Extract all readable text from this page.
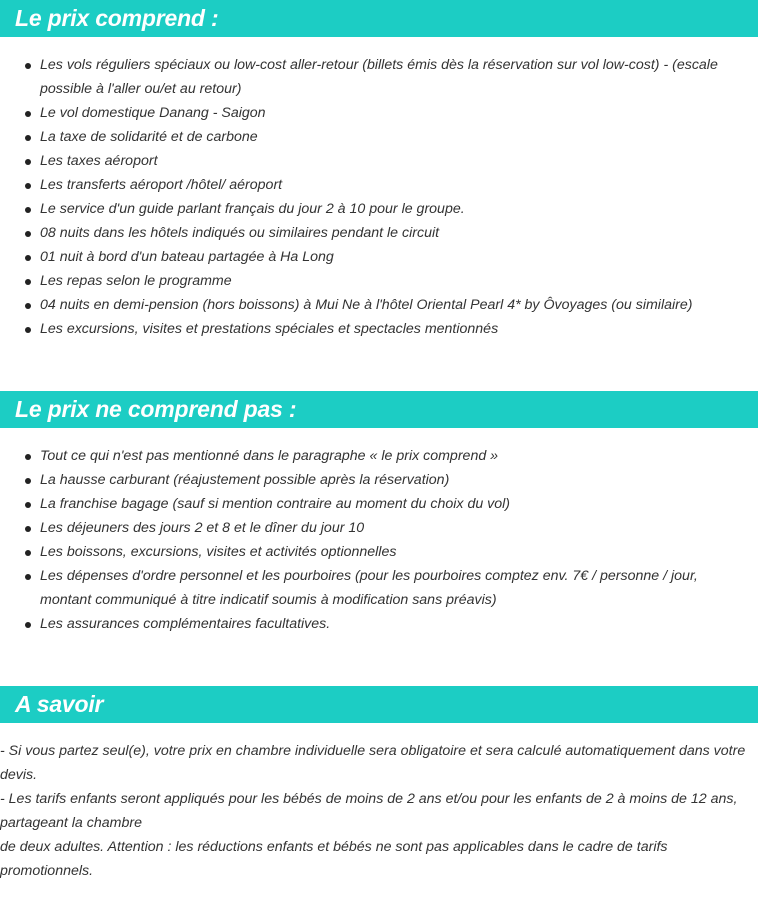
Le prix comprend :
Les vols réguliers spéciaux ou low-cost aller-retour (billets émis dès la réservation sur vol low-cost) - (escale possible à l'aller ou/et au retour)
Le vol domestique Danang - Saigon
La taxe de solidarité et de carbone
Les taxes aéroport
Les transferts aéroport /hôtel/ aéroport
Le service d'un guide parlant français du jour 2 à 10 pour le groupe.
08 nuits dans les hôtels indiqués ou similaires pendant le circuit
01 nuit à bord d'un bateau partagée à Ha Long
Les repas selon le programme
04 nuits en demi-pension (hors boissons) à Mui Ne à l'hôtel Oriental Pearl 4* by Ôvoyages (ou similaire)
Les excursions, visites et prestations spéciales et spectacles mentionnés
Le prix ne comprend pas :
Tout ce qui n'est pas mentionné dans le paragraphe « le prix comprend »
La hausse carburant (réajustement possible après la réservation)
La franchise bagage (sauf si mention contraire au moment du choix du vol)
Les déjeuners des jours 2 et 8 et le dîner du jour 10
Les boissons, excursions, visites et activités optionnelles
Les dépenses d'ordre personnel et les pourboires (pour les pourboires comptez env. 7€ / personne / jour, montant communiqué à titre indicatif soumis à modification sans préavis)
Les assurances complémentaires facultatives.
A savoir

- Si vous partez seul(e), votre prix en chambre individuelle sera obligatoire et sera calculé automatiquement dans votre devis.

- Les tarifs enfants seront appliqués pour les bébés de moins de 2 ans et/ou pour les enfants de 2 à moins de 12 ans, partageant la chambre

de deux adultes. Attention : les réductions enfants et bébés ne sont pas applicables dans le cadre de tarifs promotionnels.
